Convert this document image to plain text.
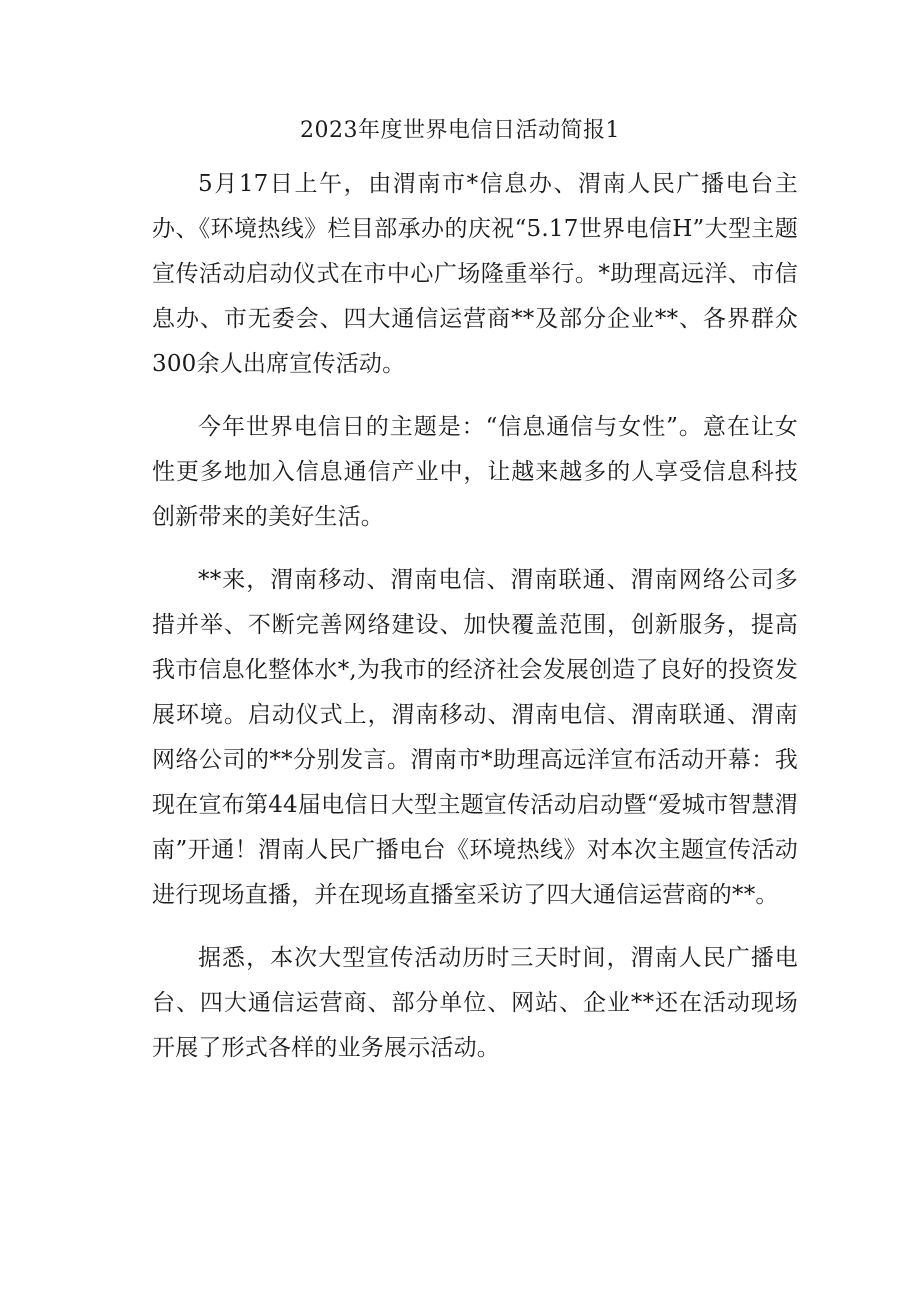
2023年度世界电信日活动简报1

5月17日上午，由渭南市*信息办、渭南人民广播电台主办、《环境热线》栏目部承办的庆祝“5.17世界电信H”大型主题宣传活动启动仪式在市中心广场隆重举行。*助理高远洋、市信息办、市无委会、四大通信运营商**及部分企业**、各界群众300余人出席宣传活动。

今年世界电信日的主题是：“信息通信与女性”。意在让女性更多地加入信息通信产业中，让越来越多的人享受信息科技创新带来的美好生活。

**来，渭南移动、渭南电信、渭南联通、渭南网络公司多措并举、不断完善网络建设、加快覆盖范围，创新服务，提高我市信息化整体水*,为我市的经济社会发展创造了良好的投资发展环境。启动仪式上，渭南移动、渭南电信、渭南联通、渭南网络公司的**分别发言。渭南市*助理高远洋宣布活动开幕：我现在宣布第44届电信日大型主题宣传活动启动暨“爱城市智慧渭南”开通！渭南人民广播电台《环境热线》对本次主题宣传活动进行现场直播，并在现场直播室采访了四大通信运营商的**。

据悉，本次大型宣传活动历时三天时间，渭南人民广播电台、四大通信运营商、部分单位、网站、企业**还在活动现场开展了形式各样的业务展示活动。
